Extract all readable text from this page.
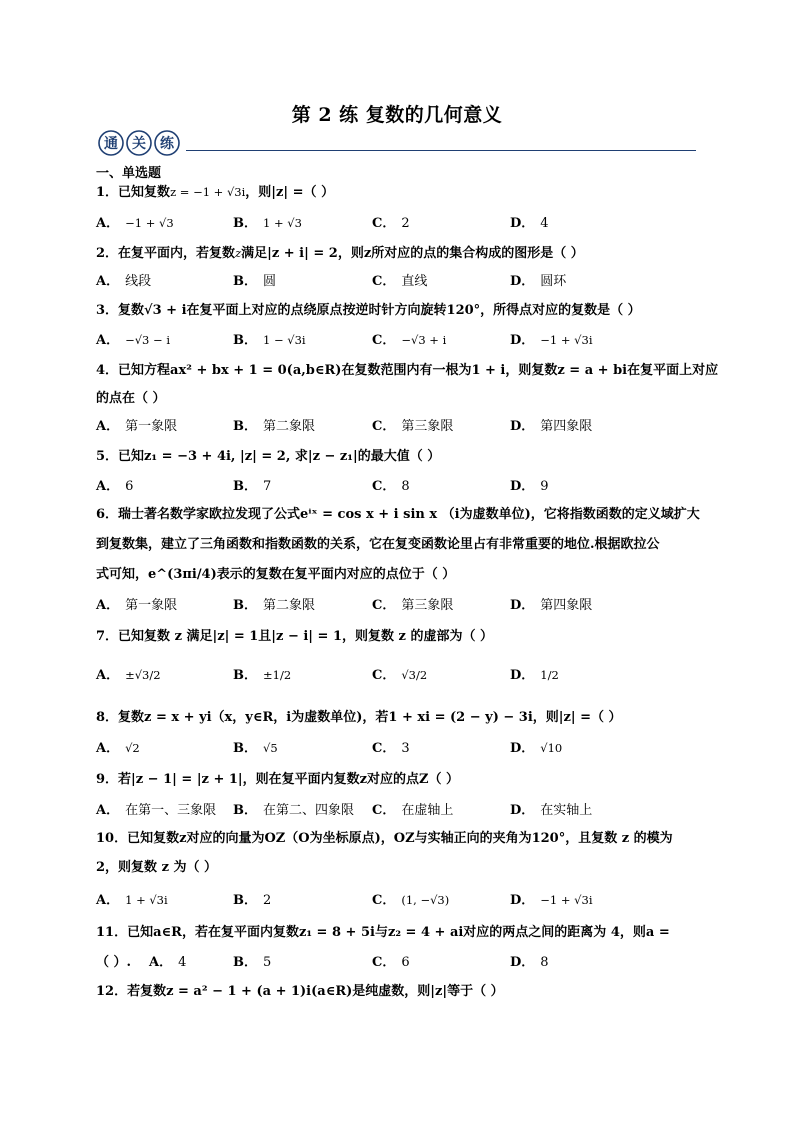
第 2 练 复数的几何意义
通 关 练
一、单选题
1．已知复数z = −1 + √3i，则|z| =（ ）
A． −1 + √3	B． 1 + √3	C． 2	D． 4
2．在复平面内，若复数z满足|z + i| = 2，则z所对应的点的集合构成的图形是（ ）
A． 线段	B． 圆	C． 直线	D． 圆环
3．复数√3 + i在复平面上对应的点绕原点按逆时针方向旋转120°，所得点对应的复数是（ ）
A． −√3 − i	B． 1 − √3i	C． −√3 + i	D． −1 + √3i
4．已知方程ax² + bx + 1 = 0(a,b∈R)在复数范围内有一根为1 + i，则复数z = a + bi在复平面上对应
的点在（ ）
A． 第一象限	B． 第二象限	C． 第三象限	D． 第四象限
5．已知z₁ = −3 + 4i, |z| = 2, 求|z − z₁|的最大值（ ）
A． 6	B． 7	C． 8	D． 9
6．瑞士著名数学家欧拉发现了公式eⁱˣ = cos x + i sin x （i为虚数单位)，它将指数函数的定义域扩大
到复数集，建立了三角函数和指数函数的关系，它在复变函数论里占有非常重要的地位.根据欧拉公
式可知，e^(3πi/4)表示的复数在复平面内对应的点位于（ ）
A． 第一象限	B． 第二象限	C． 第三象限	D． 第四象限
7．已知复数 z 满足|z| = 1且|z − i| = 1，则复数 z 的虚部为（ ）
A． ±√3/2	B． ±1/2	C． √3/2	D． 1/2
8．复数z = x + yi（x，y∈R，i为虚数单位)，若1 + xi = (2 − y) − 3i，则|z| =（ ）
A． √2	B． √5	C． 3	D． √10
9．若|z − 1| = |z + 1|，则在复平面内复数z对应的点Z（ ）
A． 在第一、三象限 B． 在第二、四象限 C． 在虚轴上	D． 在实轴上
10．已知复数z对应的向量为OZ（O为坐标原点)，OZ与实轴正向的夹角为120°，且复数 z 的模为
2，则复数 z 为（ ）
A． 1 + √3i	B． 2	C． (1, −√3)	D． −1 + √3i
11．已知a∈R，若在复平面内复数z₁ = 8 + 5i与z₂ = 4 + ai对应的两点之间的距离为 4，则a =
（ ）. A． 4	B． 5	C． 6	D． 8
12．若复数z = a² − 1 + (a + 1)i(a∈R)是纯虚数，则|z|等于（ ）
